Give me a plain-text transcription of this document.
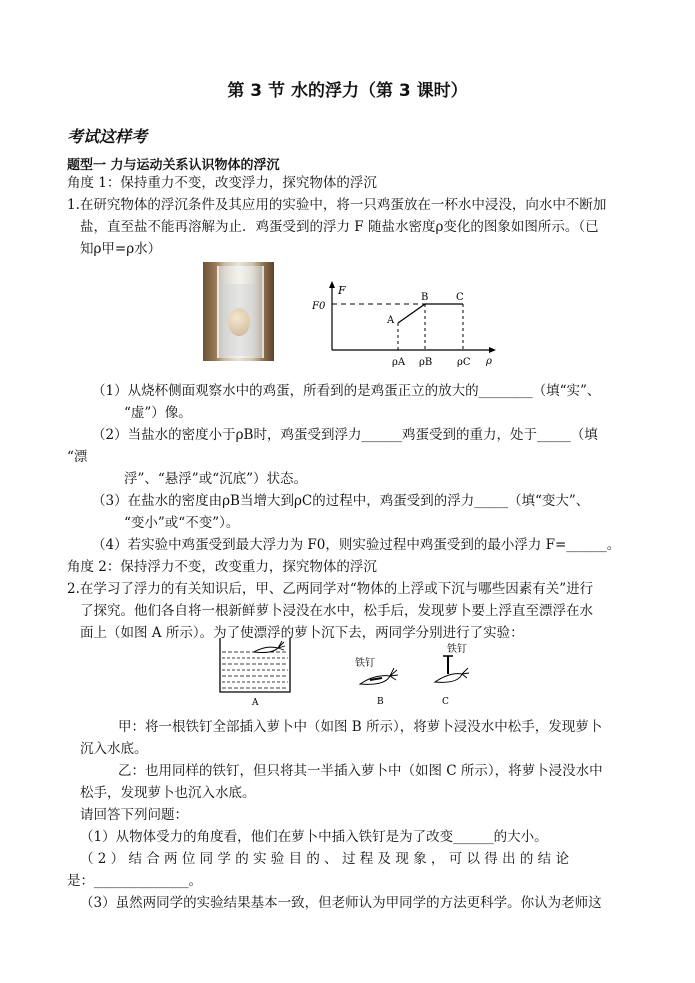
第 3 节 水的浮力（第 3 课时）
考试这样考
题型一 力与运动关系认识物体的浮沉
角度 1：保持重力不变，改变浮力，探究物体的浮沉
1.在研究物体的浮沉条件及其应用的实验中，将一只鸡蛋放在一杯水中浸没，向水中不断加
盐，直至盐不能再溶解为止．鸡蛋受到的浮力 F 随盐水密度ρ变化的图象如图所示。（已
知ρ甲=ρ水）
F
F0
A
B	C
ρA ρB ρC ρ
（1）从烧杯侧面观察水中的鸡蛋，所看到的是鸡蛋正立的放大的________（填“实”、
“虚”）像。
（2）当盐水的密度小于ρB时，鸡蛋受到浮力______鸡蛋受到的重力，处于_____（填
“漂
浮”、“悬浮”或“沉底”）状态。
（3）在盐水的密度由ρB当增大到ρC的过程中，鸡蛋受到的浮力_____（填“变大”、
“变小”或“不变”）。
（4）若实验中鸡蛋受到最大浮力为 F0，则实验过程中鸡蛋受到的最小浮力 F=______。
角度 2：保持浮力不变，改变重力，探究物体的浮沉
2.在学习了浮力的有关知识后，甲、乙两同学对“物体的上浮或下沉与哪些因素有关”进行
了探究。他们各自将一根新鲜萝卜浸没在水中，松手后，发现萝卜要上浮直至漂浮在水
面上（如图 A 所示）。为了使漂浮的萝卜沉下去，两同学分别进行了实验：
A
铁钉
B
铁钉
C
甲：将一根铁钉全部插入萝卜中（如图 B 所示），将萝卜浸没水中松手，发现萝卜
沉入水底。
乙：也用同样的铁钉，但只将其一半插入萝卜中（如图 C 所示），将萝卜浸没水中
松手，发现萝卜也沉入水底。
请回答下列问题：
（1）从物体受力的角度看，他们在萝卜中插入铁钉是为了改变______的大小。
（ 2 ） 结 合 两 位 同 学 的 实 验 目 的 、 过 程 及 现 象 ， 可 以 得 出 的 结 论
是：______________。
（3）虽然两同学的实验结果基本一致，但老师认为甲同学的方法更科学。你认为老师这
